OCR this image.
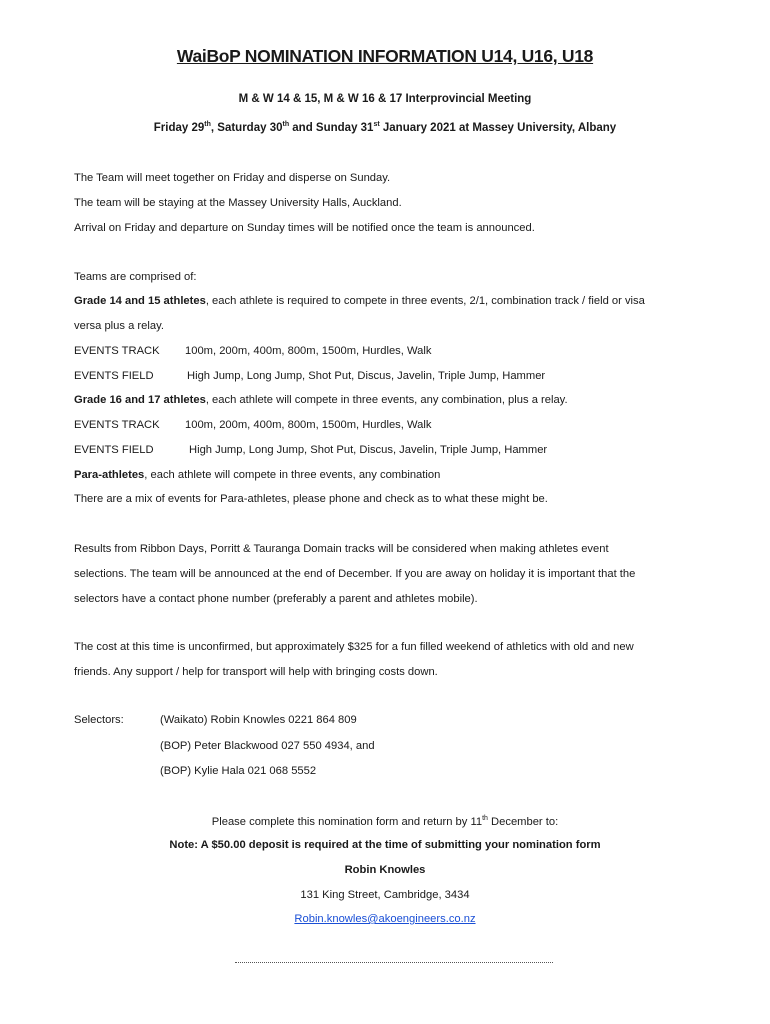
WaiBoP NOMINATION INFORMATION U14, U16, U18
M & W 14 & 15, M & W 16 & 17 Interprovincial Meeting
Friday 29th, Saturday 30th and Sunday 31st January 2021 at Massey University, Albany
The Team will meet together on Friday and disperse on Sunday.
The team will be staying at the Massey University Halls, Auckland.
Arrival on Friday and departure on Sunday times will be notified once the team is announced.
Teams are comprised of:
Grade 14 and 15 athletes, each athlete is required to compete in three events, 2/1, combination track / field or visa
versa plus a relay.
EVENTS TRACK 100m, 200m, 400m, 800m, 1500m, Hurdles, Walk
EVENTS FIELD	High Jump, Long Jump, Shot Put, Discus, Javelin, Triple Jump, Hammer
Grade 16 and 17 athletes, each athlete will compete in three events, any combination, plus a relay.
EVENTS TRACK 100m, 200m, 400m, 800m, 1500m, Hurdles, Walk
EVENTS FIELD	High Jump, Long Jump, Shot Put, Discus, Javelin, Triple Jump, Hammer
Para-athletes, each athlete will compete in three events, any combination
There are a mix of events for Para-athletes, please phone and check as to what these might be.
Results from Ribbon Days, Porritt & Tauranga Domain tracks will be considered when making athletes event
selections. The team will be announced at the end of December. If you are away on holiday it is important that the
selectors have a contact phone number (preferably a parent and athletes mobile).
The cost at this time is unconfirmed, but approximately $325 for a fun filled weekend of athletics with old and new
friends. Any support / help for transport will help with bringing costs down.
Selectors:	(Waikato) Robin Knowles 0221 864 809
(BOP) Peter Blackwood 027 550 4934, and
(BOP) Kylie Hala 021 068 5552
Please complete this nomination form and return by 11th December to:
Note: A $50.00 deposit is required at the time of submitting your nomination form
Robin Knowles
131 King Street, Cambridge, 3434
Robin.knowles@akoengineers.co.nz
